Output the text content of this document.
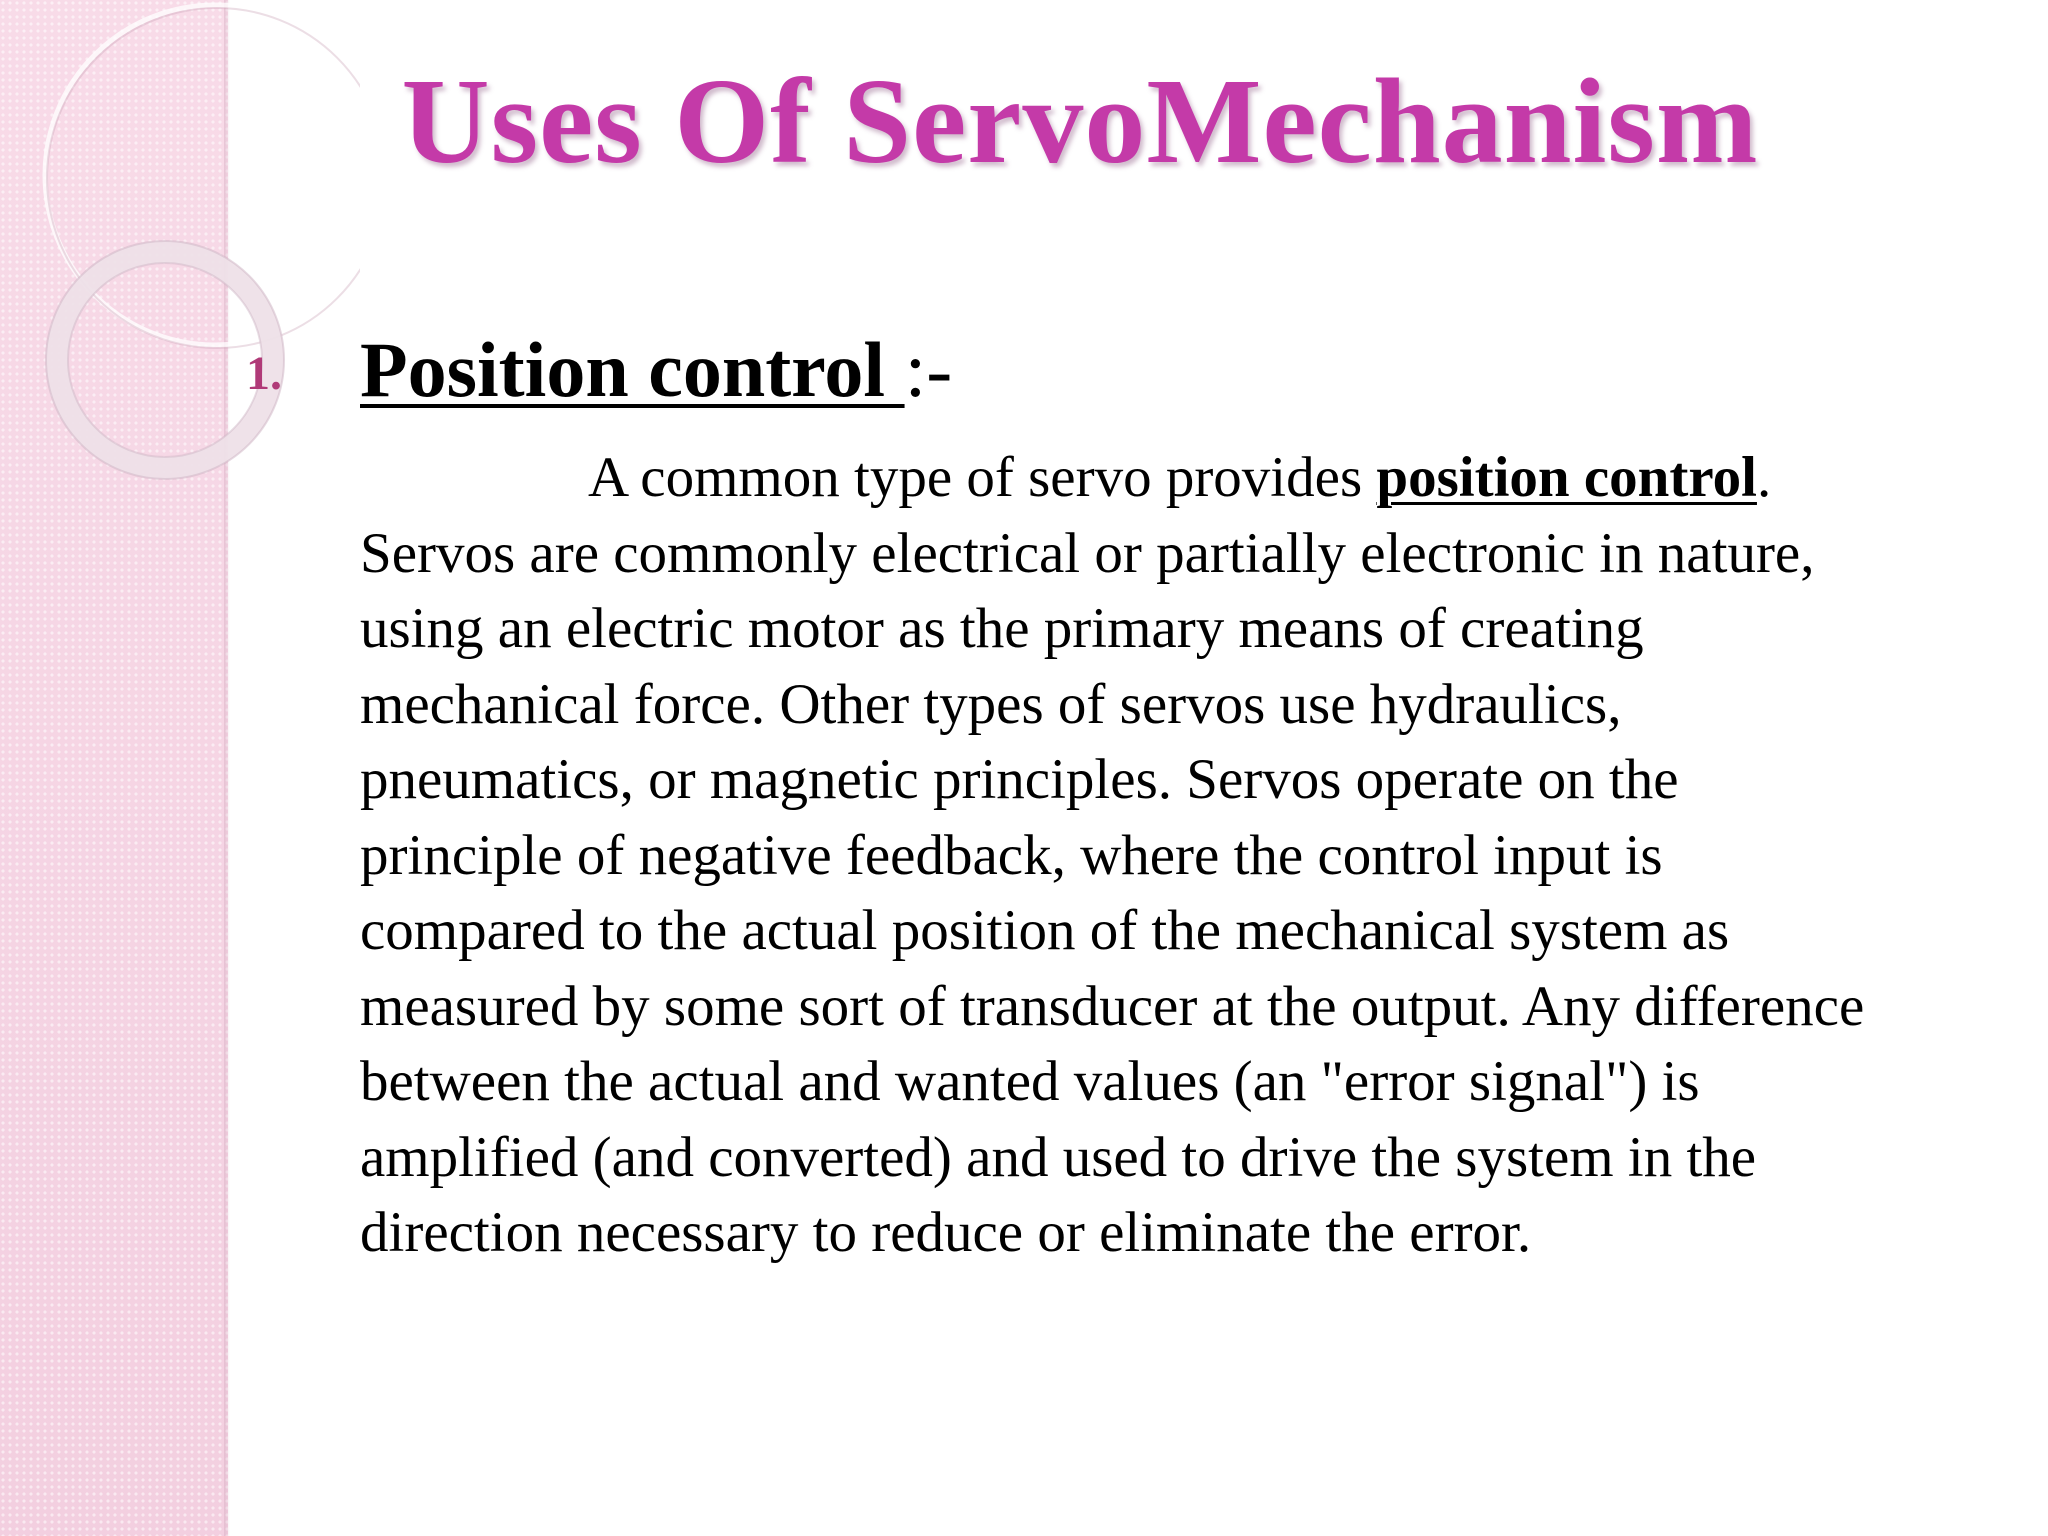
Uses Of ServoMechanism
1. Position control :-

A common type of servo provides position control. Servos are commonly electrical or partially electronic in nature, using an electric motor as the primary means of creating mechanical force. Other types of servos use hydraulics, pneumatics, or magnetic principles. Servos operate on the principle of negative feedback, where the control input is compared to the actual position of the mechanical system as measured by some sort of transducer at the output. Any difference between the actual and wanted values (an "error signal") is amplified (and converted) and used to drive the system in the direction necessary to reduce or eliminate the error.
